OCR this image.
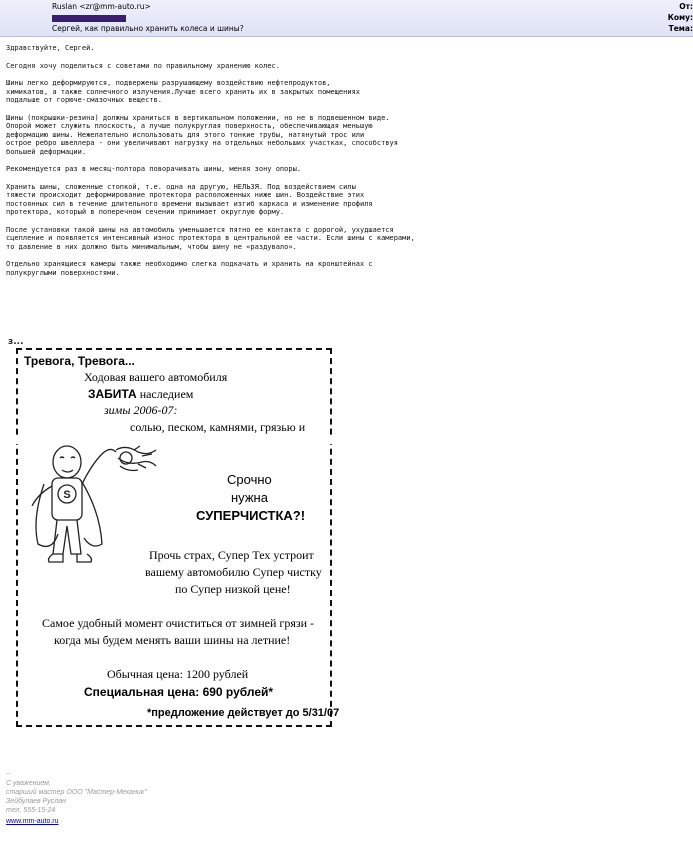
От:
Ruslan <zr@mm-auto.ru>
Кому:
Тема:
Сергей, как правильно хранить колеса и шины?

Здравствуйте, Сергей.

Сегодня хочу поделиться с советами по правильному хранению колес.

Шины легко деформируются, подвержены разрушающему воздействию нефтепродуктов,
химикатов, а также солнечного излучения.Лучше всего хранить их в закрытых помещениях
подальше от горюче-смазочных веществ.

Шины (покрышки-резина) должны храниться в вертикальном положении, но не в подвешенном виде.
Опорой может служить плоскость, а лучше полукруглая поверхность, обеспечивающая меньшую
деформацию шины. Нежелательно использовать для этого тонкие трубы, натянутый трос или
острое ребро швеллера - они увеличивают нагрузку на отдельных небольших участках, способствуя
большей деформации.

Рекомендуется раз в месяц-полтора поворачивать шины, меняя зону опоры.

Хранить шины, сложенные стопкой, т.е. одна на другую, НЕЛЬЗЯ. Под воздействием силы
тяжести происходит деформирование протектора расположенных ниже шин. Воздействие этих
постоянных сил в течение длительного времени вызывает изгиб каркаса и изменение профиля
протектора, который в поперечном сечении принимает округлую форму.

После установки такой шины на автомобиль уменьшается пятно ее контакта с дорогой, ухудшается
сцепление и появляется интенсивный износ протектора в центральной ее части. Если шины с камерами,
то давление в них должно быть минимальным, чтобы шину не «раздувало».

Отдельно хранящиеся камеры также необходимо слегка подкачать и хранить на кронштейнах с
полукруглыми поверхностями.

з...
Тревога, Тревога...
Ходовая вашего автомобиля
ЗАБИТА наследием
зимы 2006-07:
солью, песком, камнями, грязью и
S
Срочно
нужна
СУПЕРЧИСТКА?!
Прочь страх, Супер Тех устроит
вашему автомобилю Супер чистку
по Супер низкой цене!
Самое удобный момент очиститься от зимней грязи -
когда мы будем менять ваши шины на летние!
Обычная цена: 1200 рублей
Специальная цена: 690 рублей*
*предложение действует до 5/31/07
--
С уважением,
старший мастер ООО "Мастер-Механик"
Зейбулаев Руслан
тел. 555-15-24
www.mm-auto.ru
